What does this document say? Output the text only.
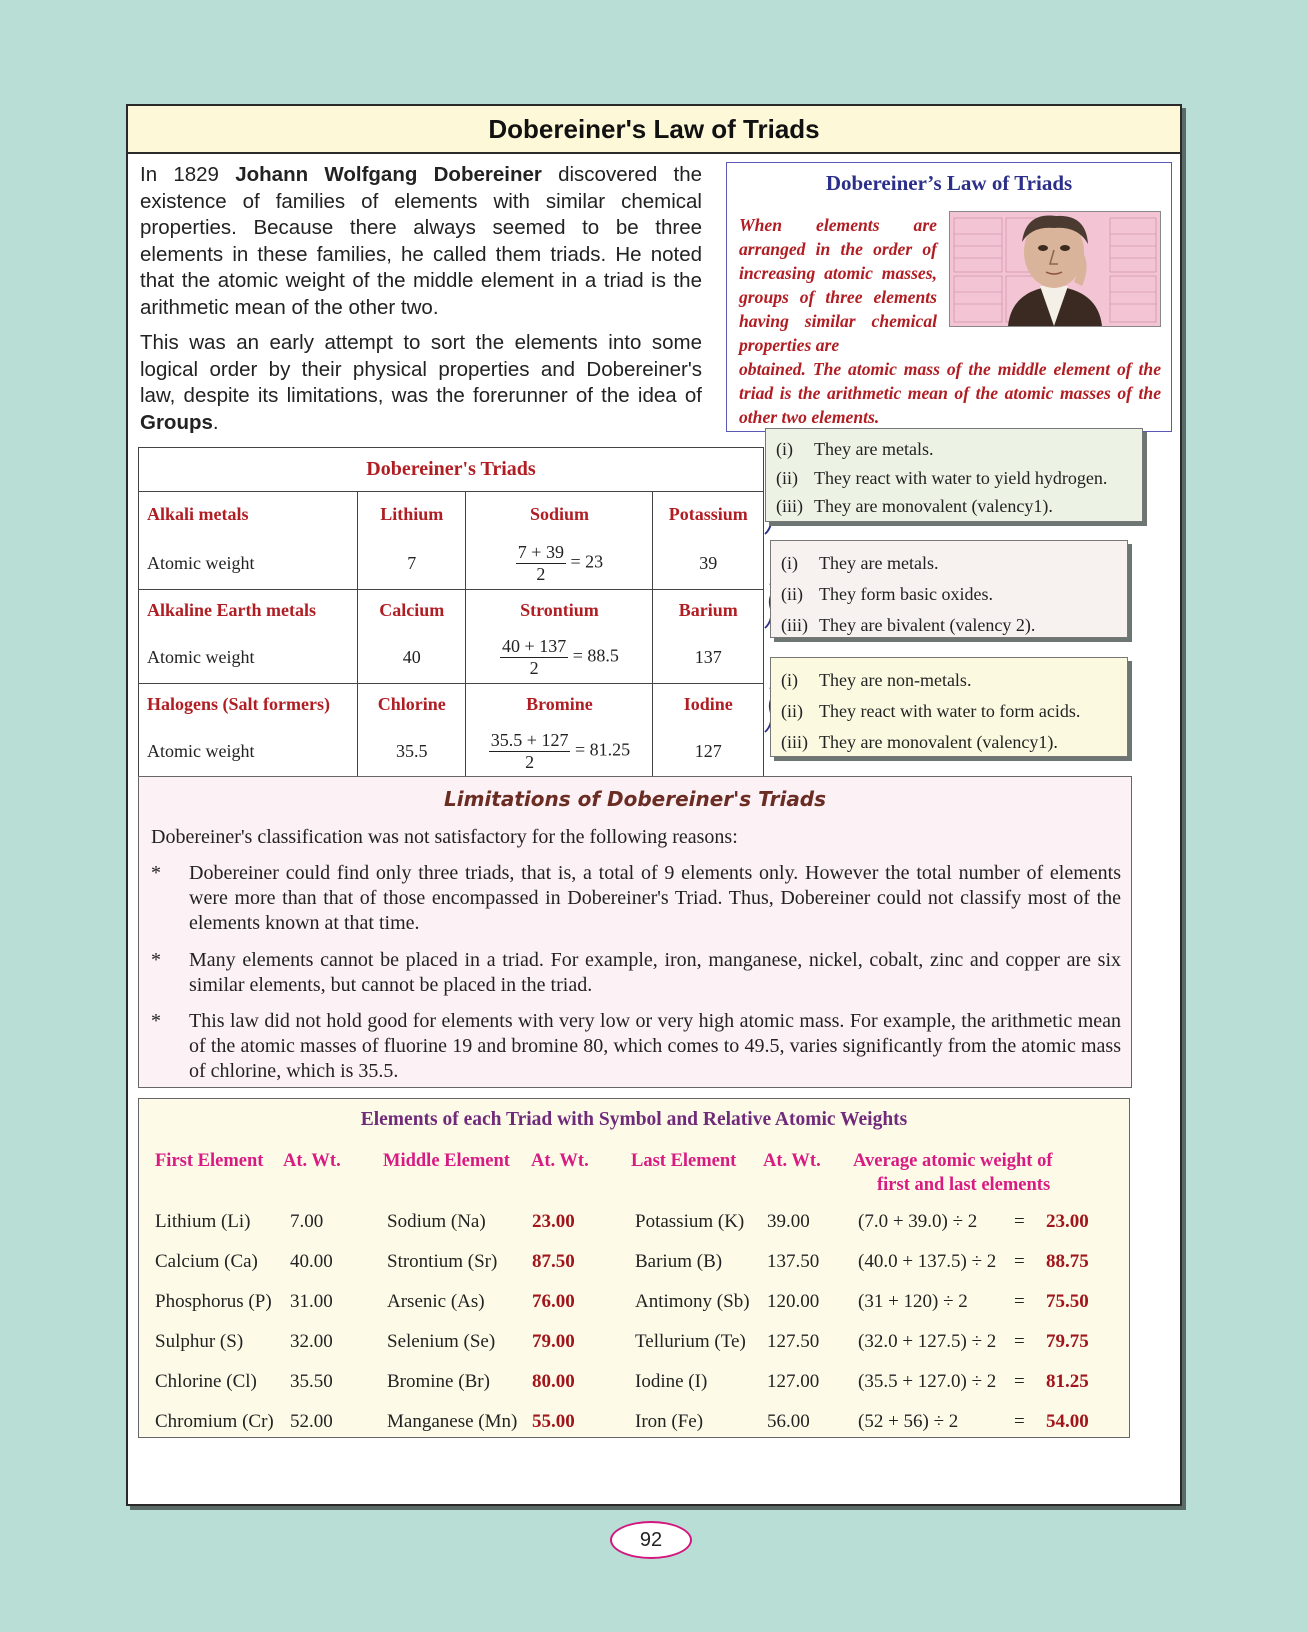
Dobereiner's Law of Triads

In 1829 Johann Wolfgang Dobereiner discovered the existence of families of elements with similar chemical properties. Because there always seemed to be three elements in these families, he called them triads. He noted that the atomic weight of the middle element in a triad is the arithmetic mean of the other two.

This was an early attempt to sort the elements into some logical order by their physical properties and Dobereiner's law, despite its limitations, was the forerunner of the idea of Groups.

Dobereiner’s Law of Triads
When elements are arranged in the order of increasing atomic masses, groups of three elements having similar chemical properties are
obtained. The atomic mass of the middle element of the triad is the arithmetic mean of the atomic masses of the other two elements.
Dobereiner's Triads			
Alkali metals	Lithium	Sodium	Potassium
Atomic weight	7	$\frac{7 + 39}{2} = 23$	39
Alkaline Earth metals	Calcium	Strontium	Barium
Atomic weight	40	$\frac{40 + 137}{2} = 88.5$	137
Halogens (Salt formers)	Chlorine	Bromine	Iodine
Atomic weight	35.5	$\frac{35.5 + 127}{2} = 81.25$	127
(i) They are metals.
(ii) They react with water to yield hydrogen.
(iii) They are monovalent (valency1).
(i) They are metals.
(ii) They form basic oxides.
(iii) They are bivalent (valency 2).
(i) They are non-metals.
(ii) They react with water to form acids.
(iii) They are monovalent (valency1).
Limitations of Dobereiner's Triads
Dobereiner's classification was not satisfactory for the following reasons:
* Dobereiner could find only three triads, that is, a total of 9 elements only. However the total number of elements were more than that of those encompassed in Dobereiner's Triad. Thus, Dobereiner could not classify most of the elements known at that time.
* Many elements cannot be placed in a triad. For example, iron, manganese, nickel, cobalt, zinc and copper are six similar elements, but cannot be placed in the triad.
* This law did not hold good for elements with very low or very high atomic mass. For example, the arithmetic mean of the atomic masses of fluorine 19 and bromine 80, which comes to 49.5, varies significantly from the atomic mass of chlorine, which is 35.5.
Elements of each Triad with Symbol and Relative Atomic Weights
First Element At. Wt. Middle Element At. Wt. Last Element At. Wt. Average atomic weight of
first and last elements
Lithium (Li) 7.00	Sodium (Na) 23.00	Potassium (K) 39.00	(7.0 + 39.0) ÷ 2 = 23.00
Calcium (Ca) 40.00	Strontium (Sr) 87.50	Barium (B) 137.50 (40.0 + 137.5) ÷ 2 = 88.75
Phosphorus (P) 31.00	Arsenic (As) 76.00	Antimony (Sb) 120.00 (31 + 120) ÷ 2 = 75.50
Sulphur (S) 32.00	Selenium (Se) 79.00	Tellurium (Te) 127.50 (32.0 + 127.5) ÷ 2 = 79.75
Chlorine (Cl) 35.50	Bromine (Br) 80.00	Iodine (I)	127.00 (35.5 + 127.0) ÷ 2 = 81.25
Chromium (Cr) 52.00	Manganese (Mn) 55.00	Iron (Fe)	56.00	(52 + 56) ÷ 2	= 54.00
92
